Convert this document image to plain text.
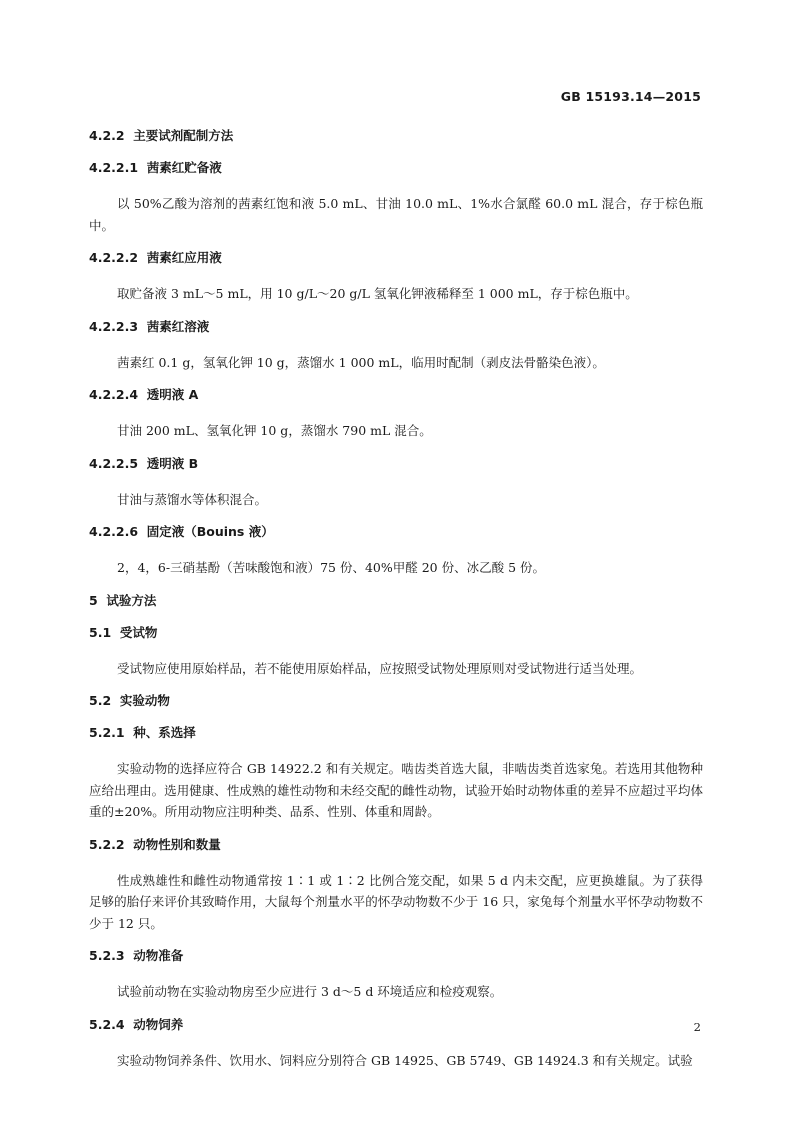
GB 15193.14—2015
4.2.2  主要试剂配制方法
4.2.2.1  茜素红贮备液
以 50%乙酸为溶剂的茜素红饱和液 5.0 mL、甘油 10.0 mL、1%水合氯醛 60.0 mL 混合，存于棕色瓶中。
4.2.2.2  茜素红应用液
取贮备液 3 mL～5 mL，用 10 g/L～20 g/L 氢氧化钾液稀释至 1 000 mL，存于棕色瓶中。
4.2.2.3  茜素红溶液
茜素红 0.1 g，氢氧化钾 10 g，蒸馏水 1 000 mL，临用时配制（剥皮法骨骼染色液）。
4.2.2.4  透明液 A
甘油 200 mL、氢氧化钾 10 g，蒸馏水 790 mL 混合。
4.2.2.5  透明液 B
甘油与蒸馏水等体积混合。
4.2.2.6  固定液（Bouins 液）
2，4，6-三硝基酚（苦味酸饱和液）75 份、40%甲醛 20 份、冰乙酸 5 份。
5  试验方法
5.1  受试物
受试物应使用原始样品，若不能使用原始样品，应按照受试物处理原则对受试物进行适当处理。
5.2  实验动物
5.2.1  种、系选择
实验动物的选择应符合 GB 14922.2 和有关规定。啮齿类首选大鼠，非啮齿类首选家兔。若选用其他物种应给出理由。选用健康、性成熟的雄性动物和未经交配的雌性动物，试验开始时动物体重的差异不应超过平均体重的±20%。所用动物应注明种类、品系、性别、体重和周龄。
5.2.2  动物性别和数量
性成熟雄性和雌性动物通常按 1∶1 或 1∶2 比例合笼交配，如果 5 d 内未交配，应更换雄鼠。为了获得足够的胎仔来评价其致畸作用，大鼠每个剂量水平的怀孕动物数不少于 16 只，家兔每个剂量水平怀孕动物数不少于 12 只。
5.2.3  动物准备
试验前动物在实验动物房至少应进行 3 d～5 d 环境适应和检疫观察。
5.2.4  动物饲养
实验动物饲养条件、饮用水、饲料应分别符合 GB 14925、GB 5749、GB 14924.3 和有关规定。试验
2
